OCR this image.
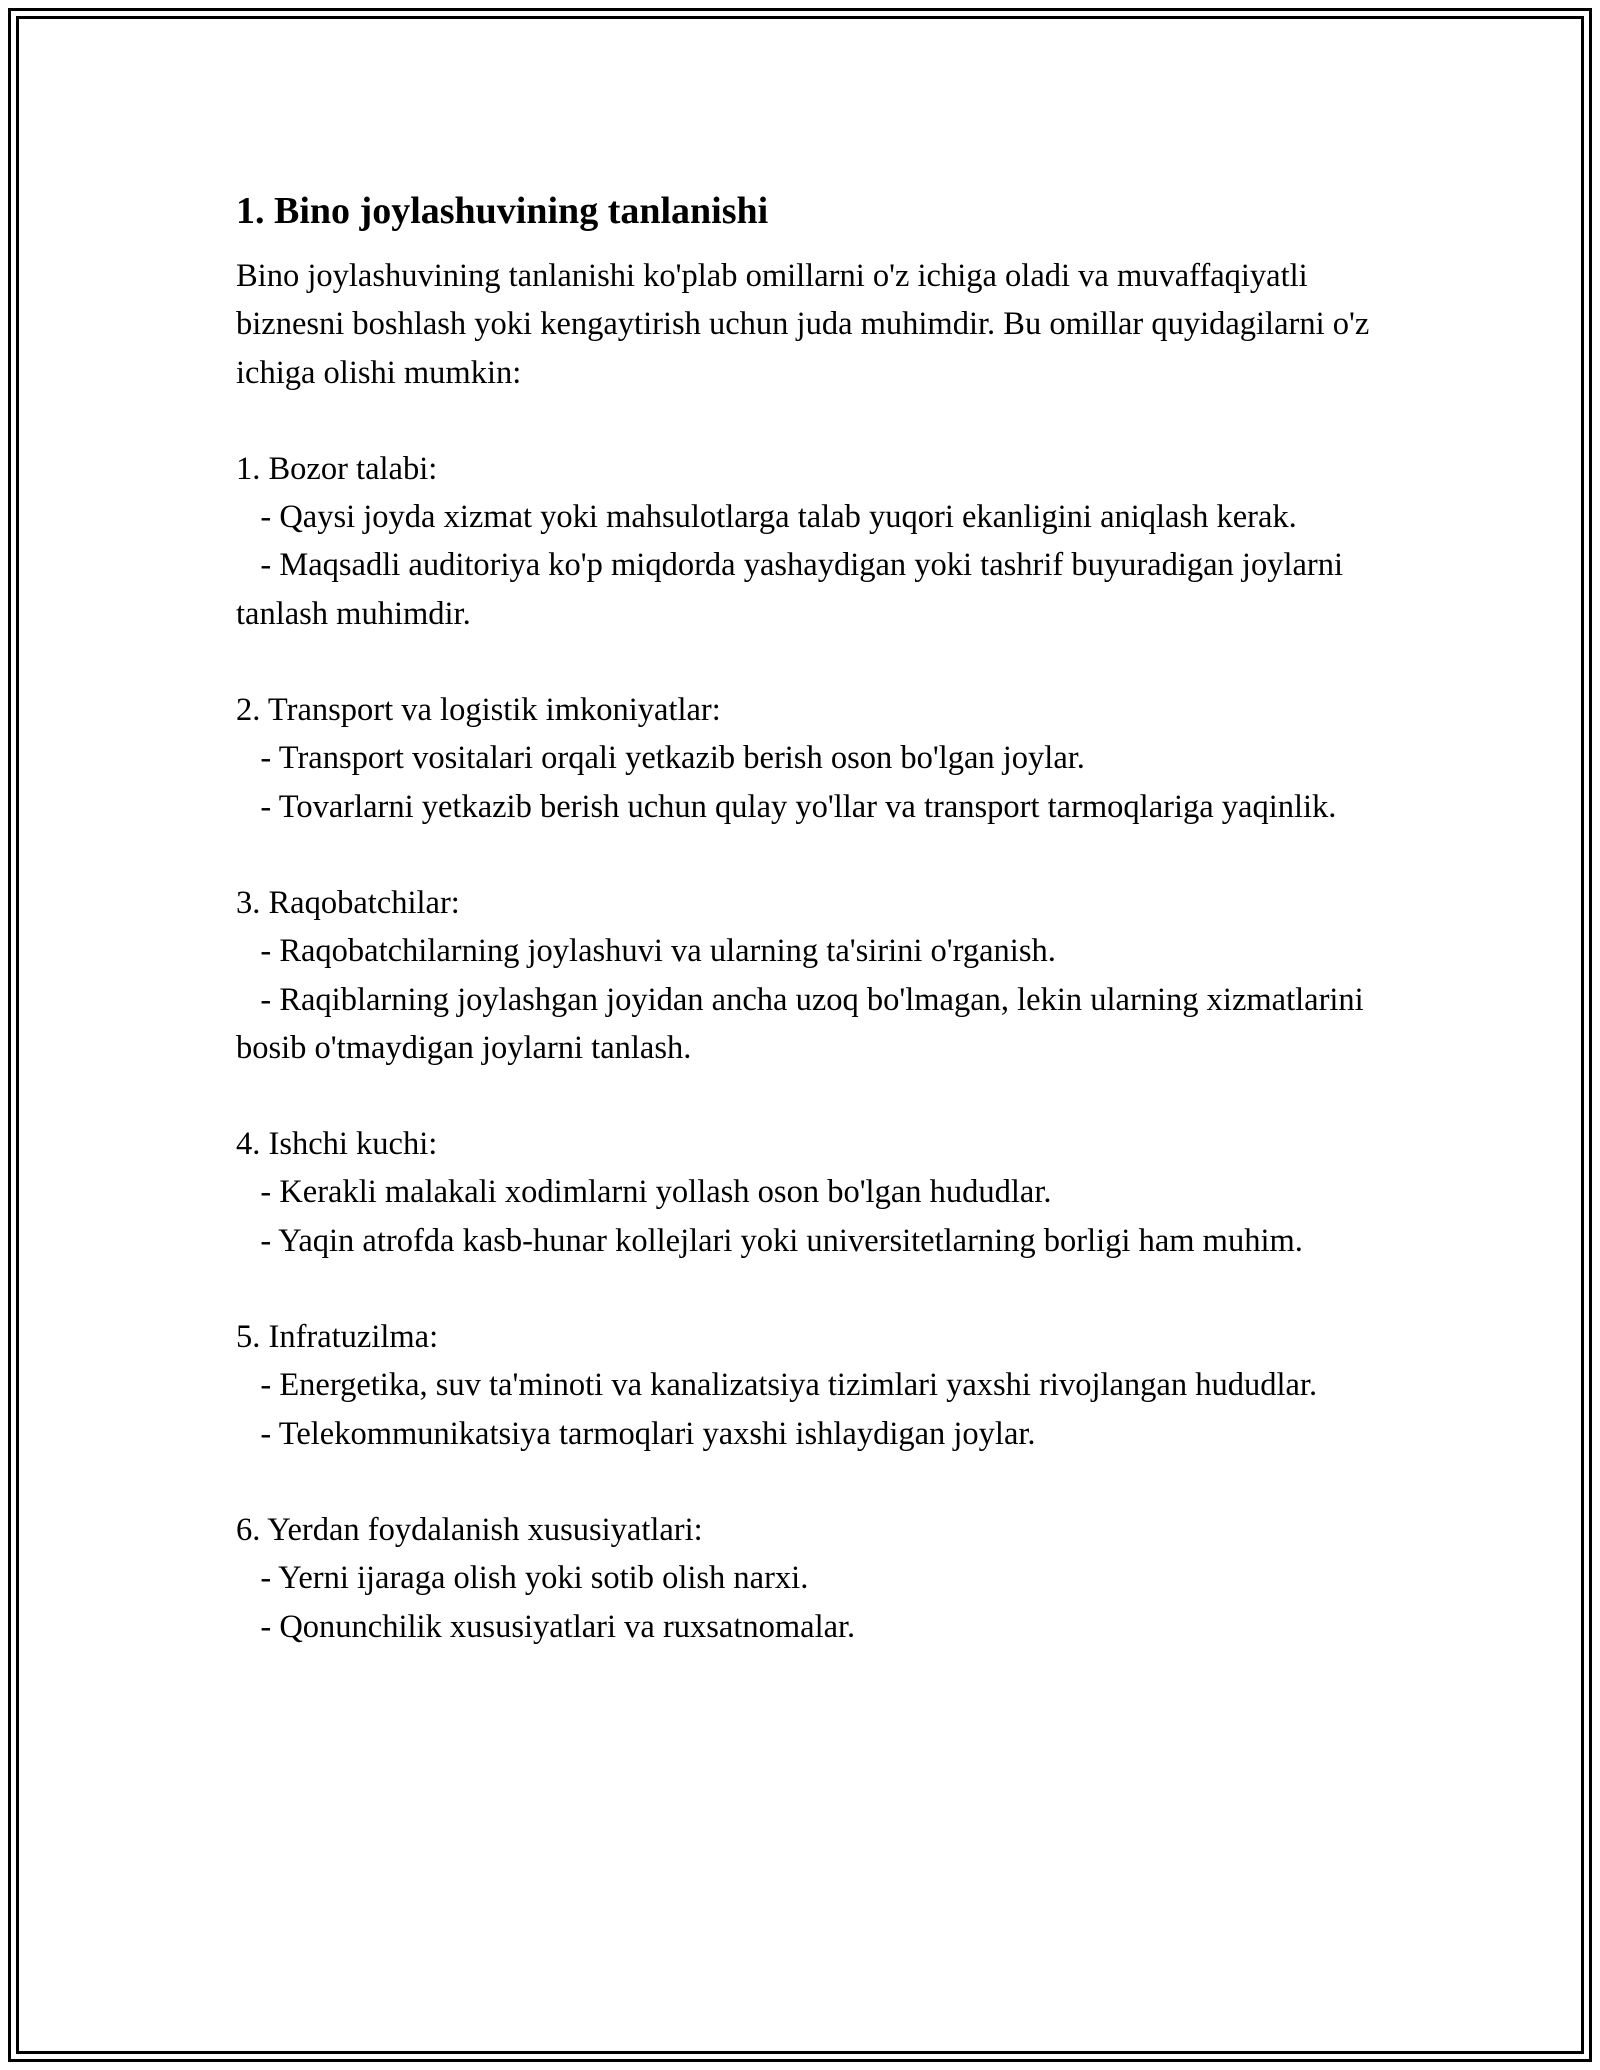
1. Bino joylashuvining tanlanishi

Bino joylashuvining tanlanishi ko'plab omillarni o'z ichiga oladi va muvaffaqiyatli biznesni boshlash yoki kengaytirish uchun juda muhimdir. Bu omillar quyidagilarni o'z ichiga olishi mumkin:

1. Bozor talabi:

- Qaysi joyda xizmat yoki mahsulotlarga talab yuqori ekanligini aniqlash kerak.

- Maqsadli auditoriya ko'p miqdorda yashaydigan yoki tashrif buyuradigan joylarni tanlash muhimdir.

2. Transport va logistik imkoniyatlar:

- Transport vositalari orqali yetkazib berish oson bo'lgan joylar.

- Tovarlarni yetkazib berish uchun qulay yo'llar va transport tarmoqlariga yaqinlik.

3. Raqobatchilar:

- Raqobatchilarning joylashuvi va ularning ta'sirini o'rganish.

- Raqiblarning joylashgan joyidan ancha uzoq bo'lmagan, lekin ularning xizmatlarini bosib o'tmaydigan joylarni tanlash.

4. Ishchi kuchi:

- Kerakli malakali xodimlarni yollash oson bo'lgan hududlar.

- Yaqin atrofda kasb-hunar kollejlari yoki universitetlarning borligi ham muhim.

5. Infratuzilma:

- Energetika, suv ta'minoti va kanalizatsiya tizimlari yaxshi rivojlangan hududlar.

- Telekommunikatsiya tarmoqlari yaxshi ishlaydigan joylar.

6. Yerdan foydalanish xususiyatlari:

- Yerni ijaraga olish yoki sotib olish narxi.

- Qonunchilik xususiyatlari va ruxsatnomalar.
